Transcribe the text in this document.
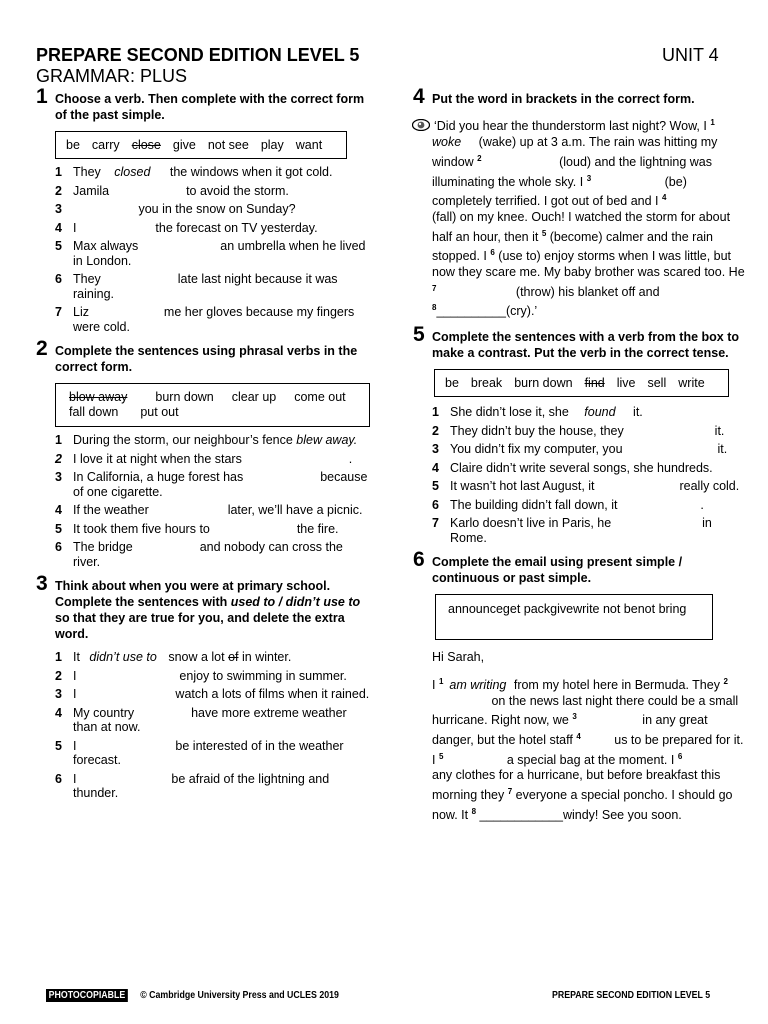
PREPARE SECOND EDITION LEVEL 5	UNIT 4
GRAMMAR: PLUS
1 Choose a verb. Then complete with the correct form of the past simple.
be carry close give not see play want
1 They closed the windows when it got cold.
2 Jamila	to avoid the storm.
3	you in the snow on Sunday?
4 I	the forecast on TV yesterday.
5 Max always	an umbrella when he lived in London.
6 They	late last night because it was raining.
7 Liz	me her gloves because my fingers were cold.
2 Complete the sentences using phrasal verbs in the correct form.
blow away burn down clear up come out
fall down put out
1 During the storm, our neighbour’s fence blew away.
2 I love it at night when the stars	.
3 In California, a huge forest has	because of one cigarette.
4 If the weather	later, we’ll have a picnic.
5 It took them five hours to	the fire.
6 The bridge	and nobody can cross the river.
3 Think about when you were at primary school. Complete the sentences with used to / didn’t use to so that they are true for you, and delete the extra word.
1 It didn’t use to snow a lot of in winter.
2 I	enjoy to swimming in summer.
3 I	watch a lots of films when it rained.
4 My country	have more extreme weather than at now.
5 I	be interested of in the weather forecast.
6 I	be afraid of the lightning and thunder.
4 Put the word in brackets in the correct form.
‘Did you hear the thunderstorm last night? Wow, I $^1$woke (wake) up at 3 a.m. The rain was hitting my window $^2$	(loud) and the lightning was illuminating the whole sky. I $^3$	(be) completely terrified. I got out of bed and I $^4$ (fall) on my knee. Ouch! I watched the storm for about half an hour, then it $^5$ (become) calmer and the rain stopped. I $^6$ (use to) enjoy storms when I was little, but now they scare me. My baby brother was scared too. He $^7$	(throw) his blanket off and $^8$__________(cry).’
5 Complete the sentences with a verb from the box to make a contrast. Put the verb in the correct tense.
be break burn down find live sell write
1 She didn’t lose it, she found it.
2 They didn’t buy the house, they	it.
3 You didn’t fix my computer, you	it.
4 Claire didn’t write several songs, she hundreds.
5 It wasn’t hot last August, it	really cold.
6 The building didn’t fall down, it	.
7 Karlo doesn’t live in Paris, he	in Rome.
6 Complete the email using present simple / continuous or past simple.
announceget packgivewrite not benot bring
Hi Sarah,
I $^1$ am writing from my hotel here in Bermuda. They $^2$ on the news last night there could be a small hurricane. Right now, we $^3$	in any great danger, but the hotel staff $^4$ us to be prepared for it. I $^5$	a special bag at the moment. I $^6$ any clothes for a hurricane, but before breakfast this morning they $^7$ everyone a special poncho. I should go now. It $^8$ ____________windy! See you soon.
PHOTOCOPIABLE © Cambridge University Press and UCLES 2019	PREPARE SECOND EDITION LEVEL 5
